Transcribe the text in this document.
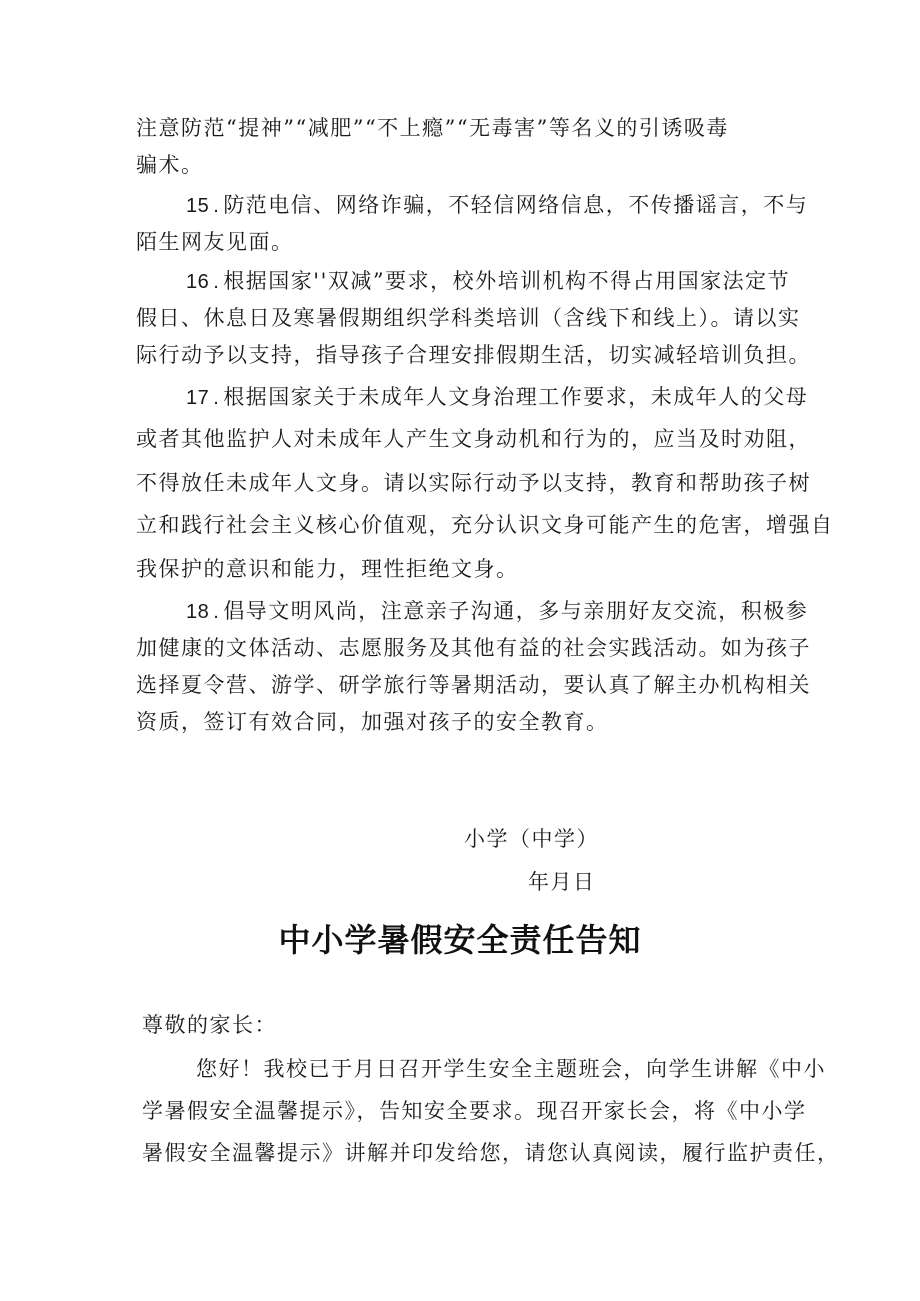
注意防范“提神”“减肥”“不上瘾”“无毒害”等名义的引诱吸毒
骗术。
15 . 防范电信、网络诈骗，不轻信网络信息，不传播谣言，不与
陌生网友见面。
16 . 根据国家''双减”要求，校外培训机构不得占用国家法定节
假日、休息日及寒暑假期组织学科类培训（含线下和线上）。请以实
际行动予以支持，指导孩子合理安排假期生活，切实减轻培训负担。
17 . 根据国家关于未成年人文身治理工作要求，未成年人的父母
或者其他监护人对未成年人产生文身动机和行为的，应当及时劝阻，
不得放任未成年人文身。请以实际行动予以支持，教育和帮助孩子树
立和践行社会主义核心价值观，充分认识文身可能产生的危害，增强自
我保护的意识和能力，理性拒绝文身。
18 . 倡导文明风尚，注意亲子沟通，多与亲朋好友交流，积极参
加健康的文体活动、志愿服务及其他有益的社会实践活动。如为孩子
选择夏令营、游学、研学旅行等暑期活动，要认真了解主办机构相关
资质，签订有效合同，加强对孩子的安全教育。
小学（中学）
年月日
中小学暑假安全责任告知
尊敬的家长：
您好！我校已于月日召开学生安全主题班会，向学生讲解《中小
学暑假安全温馨提示》，告知安全要求。现召开家长会，将《中小学
暑假安全温馨提示》讲解并印发给您，请您认真阅读，履行监护责任，
